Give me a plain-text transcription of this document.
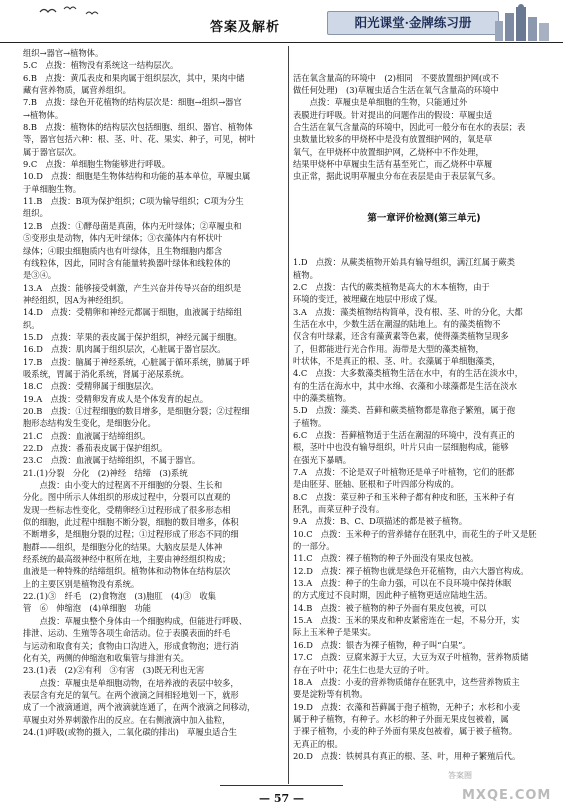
答案及解析	阳光课堂·金牌练习册
组织→器官→植物体。
5.C　点拨：植物没有系统这一结构层次。
6.B　点拨：黄瓜表皮和果肉属于组织层次，其中，果肉中储
藏有营养物质，属营养组织。
7.B　点拨：绿色开花植物的结构层次是：细胞→组织→器官
→植物体。
8.B　点拨：植物体的结构层次包括细胞、组织、器官、植物体
等，器官包括六种：根、茎、叶、花、果实、种子，可见，树叶
属于器官层次。
9.C　点拨：单细胞生物能够进行呼吸。
10.D　点拨：细胞是生物体结构和功能的基本单位，草履虫属
于单细胞生物。
11.B　点拨：B项为保护组织；C项为输导组织；C项为分生
组织。
12.B　点拨：①酵母菌是真菌，体内无叶绿体；②草履虫和
⑤变形虫是动物，体内无叶绿体；③衣藻体内有杯状叶
绿体；④眼虫细胞质内也有叶绿体，且生物细胞内都含
有线粒体，因此，同时含有能量转换器叶绿体和线粒体的
是③④。
13.A　点拨：能够接受刺激，产生兴奋并传导兴奋的组织是
神经组织，因A为神经组织。
14.D　点拨：受精卵和神经元都属于细胞，血液属于结缔组
织。
15.D　点拨：苹果的表皮属于保护组织，神经元属于细胞。
16.D　点拨：肌肉属于组织层次，心脏属于器官层次。
17.B　点拨：脑属于神经系统，心脏属于循环系统，肺属于呼
吸系统，胃属于消化系统，肾属于泌尿系统。
18.C　点拨：受精卵属于细胞层次。
19.A　点拨：受精卵发育成人是个体发育的起点。
20.B　点拨：①过程细胞的数目增多，是细胞分裂；②过程细
胞形态结构发生变化，是细胞分化。
21.C　点拨：血液属于结缔组织。
22.D　点拨：番茄表皮属于保护组织。
23.C　点拨：血液属于结缔组织，不属于器官。
21.(1)分裂　分化　(2)神经　结缔　(3)系统
　　点拨：由小变大的过程离不开细胞的分裂、生长和
分化。图中所示人体组织的形成过程中，分裂可以直观的
发现一些标志性变化，受精卵经①过程形成了很多形态相
似的细胞，此过程中细胞不断分裂，细胞的数目增多，体积
不断增多，是细胞分裂的过程；①过程形成了形态不同的细
胞群——组织，是细胞分化的结果。大脑皮层是人体神
经系统的最高级神经中枢所在地，主要由神经组织构成；
血液是一种特殊的结缔组织。植物体和动物体在结构层次
上的主要区别是植物没有系统。
22.(1)③　纤毛　(2)食物泡　(3)胞肛　(4)③　收集
管　⑥　伸缩泡　(4)单细胞　功能
　　点拨：草履虫整个身体由一个细胞构成，但能进行呼吸、
排泄、运动、生殖等各项生命活动。位于表膜表面的纤毛
与运动和取食有关；食物由口沟进入，形成食物泡；进行消
化有关，两侧的伸缩泡和收集管与排泄有关。
23.(1)表　(2)②有利　③有害　(3)既无利也无害
　　点拨：草履虫是单细胞动物，在培养液的表层中较多，
表层含有充足的氧气。在两个液滴之间相轻地划一下，就形
成了一个液滴通道，两个液滴就连通了，在两个液滴之间移动，
草履虫对外界刺激作出的反应。在右侧液滴中加入盐粒，
24.(1)呼吸(或物的摄入，二氧化碳的排出)　草履虫适合生

活在氧含量高的环境中　(2)相同　不要放置细护网(或不
做任何处理)　(3)草履虫适合生活在氧气含量高的环境中
　　点拨：草履虫是单细胞的生物，只能通过外
表膜进行呼吸。针对提出的问题作出的假设：草履虫适
合生活在氧气含量高的环境中，因此可一般分布在水的表层；表
虫数量比较多的甲烧杯中是没有放置细护网的，氧是草
氧气，在甲烧杯中放置细护网，乙烧杯中不作处理，
结果甲烧杯中草履虫生活有基至死亡，而乙烧杯中草履
虫正常，据此说明草履虫分布在表层是由于表层氧气多。

第一章评价检测(第三单元)

1.D　点拨：从蕨类植物开始具有输导组织，满江红属于蕨类
植物。
2.C　点拨：古代的蕨类植物是高大的木本植物，由于
环境的变迁，被埋藏在地层中形成了煤。
3.A　点拨：藻类植物结构简单，没有根、茎、叶的分化，大都
生活在水中，少数生活在潮湿的陆地上。有的藻类植物不
仅含有叶绿素，还含有藻黄素等色素，使得藻类植物呈现多
了，但都能进行光合作用。海带是大型的藻类植物，
叶状体，不是真正的根、茎、叶。衣藻属于单细胞藻类，
4.C　点拨：大多数藻类植物生活在水中，有的生活在淡水中，
有的生活在海水中，其中水绵、衣藻和小球藻都是生活在淡水
中的藻类植物。
5.D　点拨：藻类、苔藓和蕨类植物都是靠孢子繁殖，属于孢
子植物。
6.C　点拨：苔藓植物适于生活在潮湿的环境中，没有真正的
根，茎叶中也没有输导组织，叶片只由一层细胞构成，能够
在强光下暴晒。
7.A　点拨：不论是双子叶植物还是单子叶植物，它们的胚都
是由胚芽、胚轴、胚根和子叶四部分构成的。
8.C　点拨：菜豆种子和玉米种子都有种皮和胚，玉米种子有
胚乳，而菜豆种子没有。
9.A　点拨：B、C、D项描述的都是被子植物。
10.C　点拨：玉米种子的营养储存在胚乳中，而花生的子叶又是胚
的一部分。
11.C　点拨：裸子植物的种子外面没有果皮包被。
12.D　点拨：裸子植物也就是绿色开花植物，由六大器官构成。
13.A　点拨：种子的生命力强，可以在不良环境中保持休眠
的方式度过不良时期，因此种子植物更适应陆地生活。
14.B　点拨：被子植物的种子外面有果皮包被，可以
15.A　点拨：玉米的果皮和种皮紧密连在一起，不易分开，实
际上玉米种子是果实。
16.D　点拨：银杏为裸子植物，种子叫“白果”。
17.C　点拨：豆腐来源于大豆，大豆为双子叶植物，营养物质储
存在子叶中；花生仁也是大豆的子叶。
18.A　点拨：小麦的营养物质储存在胚乳中，这些营养物质主
要是淀粉等有机物。
19.D　点拨：衣藻和苔藓属于孢子植物，无种子；水杉和小麦
属于种子植物，有种子。水杉的种子外面无果皮包被着，属
于裸子植物，小麦的种子外面有果皮包被着，属于被子植物。
无真正的根。
20.D　点拨：铁树具有真正的根、茎、叶，用种子繁殖后代。

— 57 —
答案圈
MXQE.COM
